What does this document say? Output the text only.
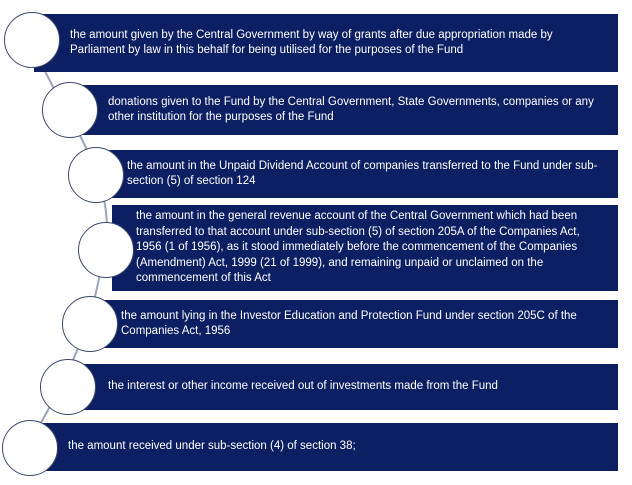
the amount given by the Central Government by way of grants after due appropriation made by Parliament by law in this behalf for being utilised for the purposes of the Fund
donations given to the Fund by the Central Government, State Governments, companies or any other institution for the purposes of the Fund
the amount in the Unpaid Dividend Account of companies transferred to the Fund under sub-section (5) of section 124
the amount in the general revenue account of the Central Government which had been transferred to that account under sub-section (5) of section 205A of the Companies Act, 1956 (1 of 1956), as it stood immediately before the commencement of the Companies (Amendment) Act, 1999 (21 of 1999), and remaining unpaid or unclaimed on the commencement of this Act
the amount lying in the Investor Education and Protection Fund under section 205C of the Companies Act, 1956
the interest or other income received out of investments made from the Fund
the amount received under sub-section (4) of section 38;
